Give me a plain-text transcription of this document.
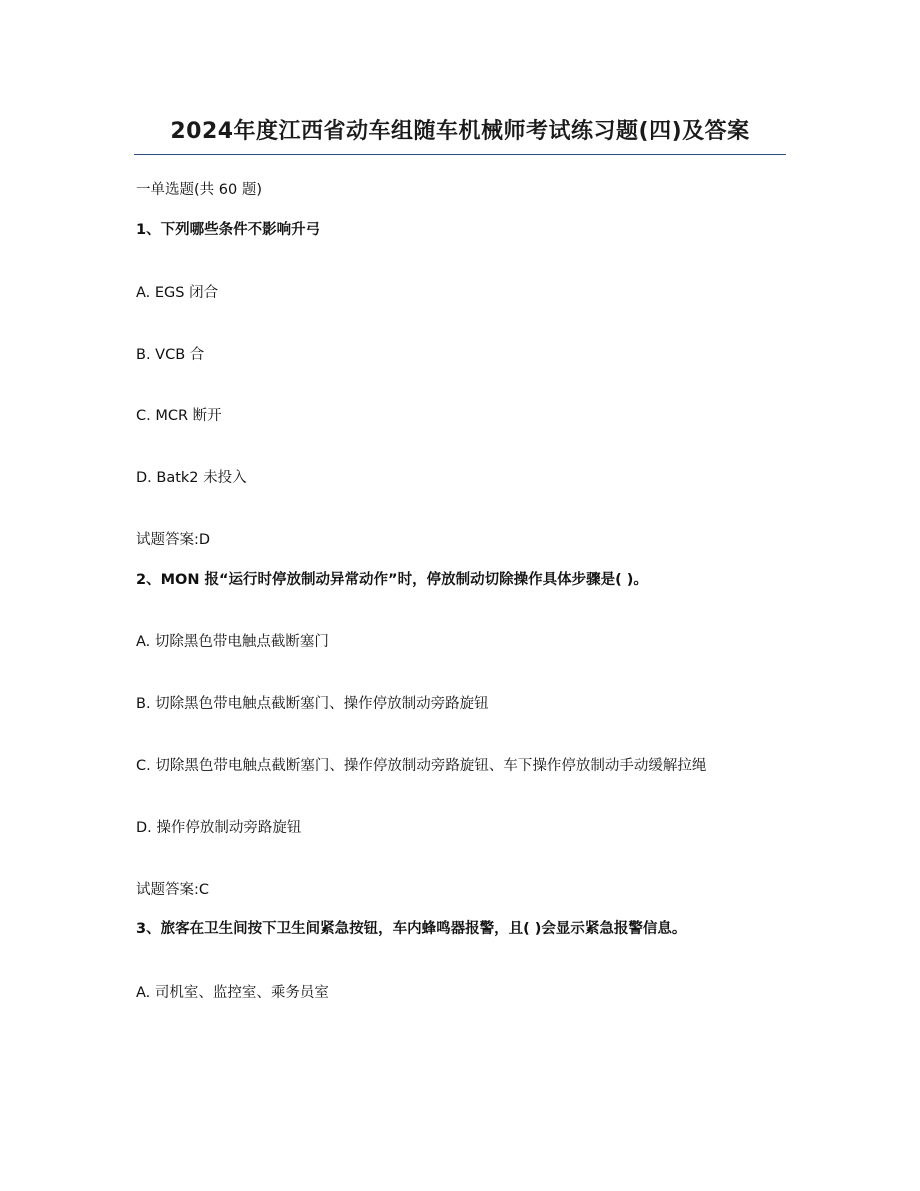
2024年度江西省动车组随车机械师考试练习题(四)及答案
一单选题(共 60 题)
1、下列哪些条件不影响升弓
A. EGS 闭合
B. VCB 合
C. MCR 断开
D. Batk2 未投入
试题答案:D
2、MON 报“运行时停放制动异常动作”时，停放制动切除操作具体步骤是( )。
A. 切除黑色带电触点截断塞门
B. 切除黑色带电触点截断塞门、操作停放制动旁路旋钮
C. 切除黑色带电触点截断塞门、操作停放制动旁路旋钮、车下操作停放制动手动缓解拉绳
D. 操作停放制动旁路旋钮
试题答案:C
3、旅客在卫生间按下卫生间紧急按钮，车内蜂鸣器报警，且( )会显示紧急报警信息。
A. 司机室、监控室、乘务员室
